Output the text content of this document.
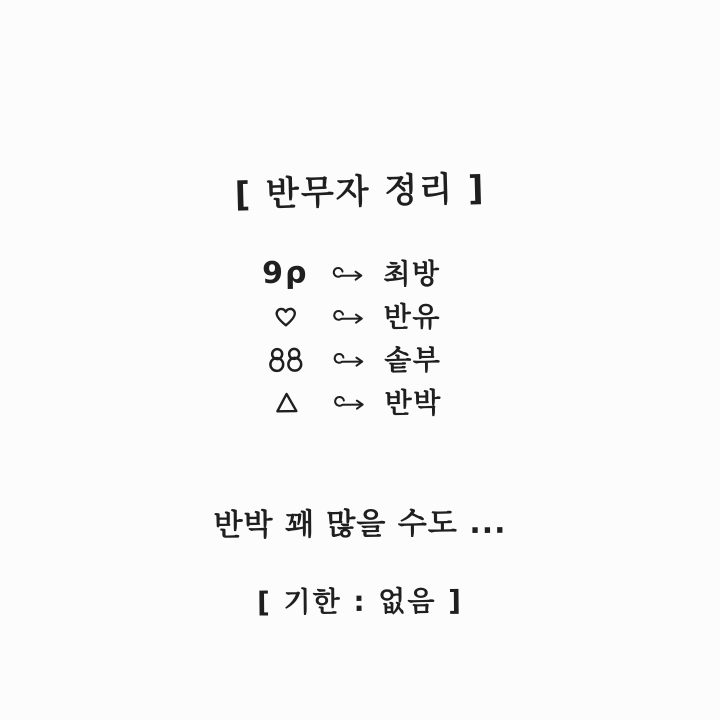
[ 반무자 정리 ]
9ρ	최방
반유
솥부
반박
반박 꽤 많을 수도 ...
[ 기한 : 없음 ]
